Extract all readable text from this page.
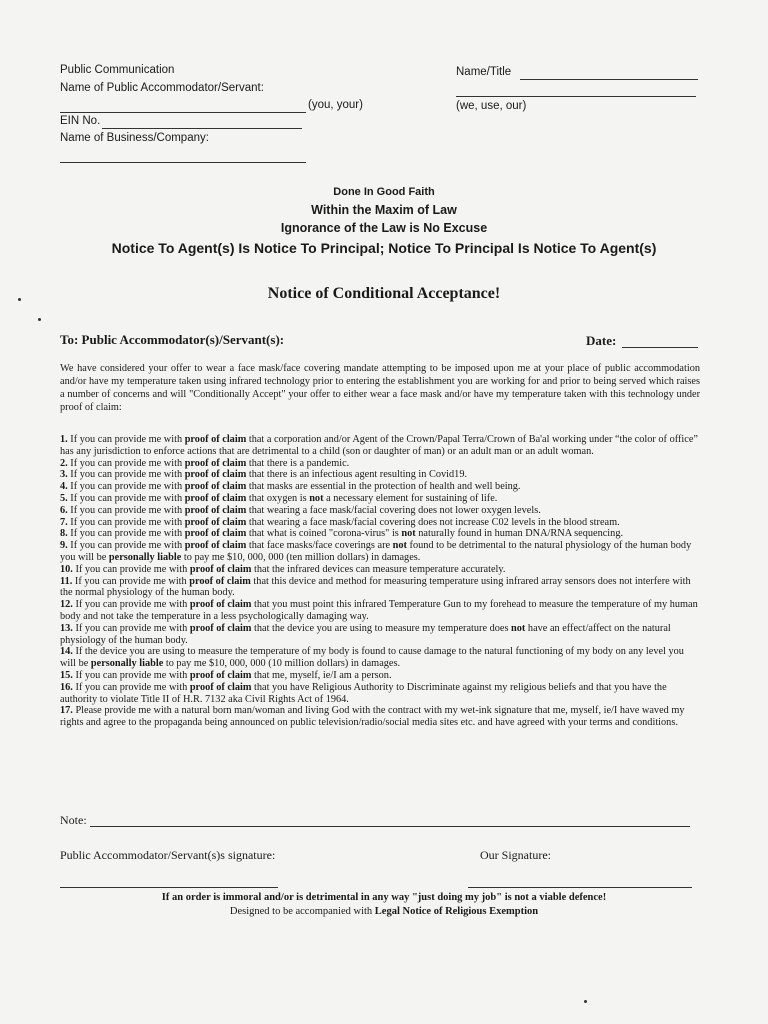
Public Communication
Name of Public Accommodator/Servant:
(you, your)
EIN No.
Name of Business/Company:
Name/Title
(we, use, our)
Done In Good Faith
Within the Maxim of Law
Ignorance of the Law is No Excuse
Notice To Agent(s) Is Notice To Principal; Notice To Principal Is Notice To Agent(s)
Notice of Conditional Acceptance!
To: Public Accommodator(s)/Servant(s):	Date:
We have considered your offer to wear a face mask/face covering mandate attempting to be imposed upon me at your place of public accommodation and/or have my temperature taken using infrared technology prior to entering the establishment you are working for and prior to being served which raises a number of concerns and will "Conditionally Accept" your offer to either wear a face mask and/or have my temperature taken with this technology under proof of claim:
1. If you can provide me with proof of claim that a corporation and/or Agent of the Crown/Papal Terra/Crown of Ba'al working under “the color of office” has any jurisdiction to enforce actions that are detrimental to a child (son or daughter of man) or an adult man or an adult woman.
2. If you can provide me with proof of claim that there is a pandemic.
3. If you can provide me with proof of claim that there is an infectious agent resulting in Covid19.
4. If you can provide me with proof of claim that masks are essential in the protection of health and well being.
5. If you can provide me with proof of claim that oxygen is not a necessary element for sustaining of life.
6. If you can provide me with proof of claim that wearing a face mask/facial covering does not lower oxygen levels.
7. If you can provide me with proof of claim that wearing a face mask/facial covering does not increase C02 levels in the blood stream.
8. If you can provide me with proof of claim that what is coined "corona-virus" is not naturally found in human DNA/RNA sequencing.
9. If you can provide me with proof of claim that face masks/face coverings are not found to be detrimental to the natural physiology of the human body you will be personally liable to pay me $10, 000, 000 (ten million dollars) in damages.
10. If you can provide me with proof of claim that the infrared devices can measure temperature accurately.
11. If you can provide me with proof of claim that this device and method for measuring temperature using infrared array sensors does not interfere with the normal physiology of the human body.
12. If you can provide me with proof of claim that you must point this infrared Temperature Gun to my forehead to measure the temperature of my human body and not take the temperature in a less psychologically damaging way.
13. If you can provide me with proof of claim that the device you are using to measure my temperature does not have an effect/affect on the natural physiology of the human body.
14. If the device you are using to measure the temperature of my body is found to cause damage to the natural functioning of my body on any level you will be personally liable to pay me $10, 000, 000 (10 million dollars) in damages.
15. If you can provide me with proof of claim that me, myself, ie/I am a person.
16. If you can provide me with proof of claim that you have Religious Authority to Discriminate against my religious beliefs and that you have the authority to violate Title II of H.R. 7132 aka Civil Rights Act of 1964.
17. Please provide me with a natural born man/woman and living God with the contract with my wet-ink signature that me, myself, ie/I have waved my rights and agree to the propaganda being announced on public television/radio/social media sites etc. and have agreed with your terms and conditions.
Note:
Public Accommodator/Servant(s)s signature:	Our Signature:
If an order is immoral and/or is detrimental in any way "just doing my job" is not a viable defence!
Designed to be accompanied with Legal Notice of Religious Exemption
